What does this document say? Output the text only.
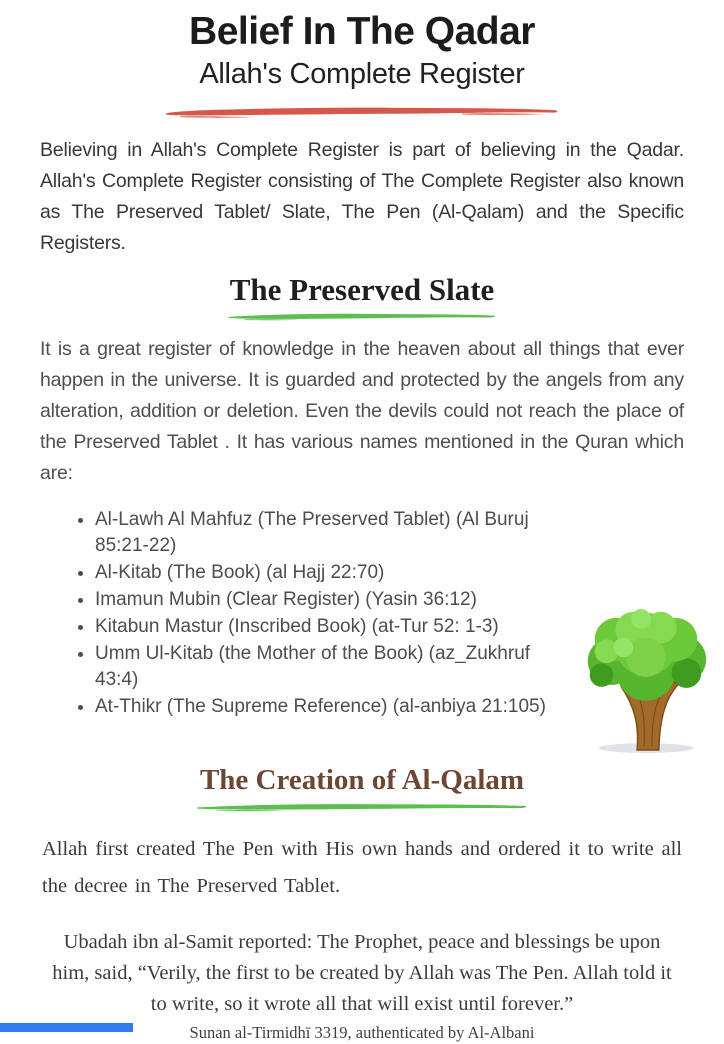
Belief In The Qadar
Allah's Complete Register

Believing in Allah's Complete Register is part of believing in the Qadar. Allah's Complete Register consisting of The Complete Register also known as The Preserved Tablet/ Slate, The Pen (Al-Qalam) and the Specific Registers.

The Preserved Slate

It is a great register of knowledge in the heaven about all things that ever happen in the universe. It is guarded and protected by the angels from any alteration, addition or deletion. Even the devils could not reach the place of the Preserved Tablet . It has various names mentioned in the Quran which are:

• Al-Lawh Al Mahfuz (The Preserved Tablet) (Al Buruj 85:21-22)
• Al-Kitab (The Book) (al Hajj 22:70)
• Imamun Mubin (Clear Register) (Yasin 36:12)
• Kitabun Mastur (Inscribed Book) (at-Tur 52: 1-3)
• Umm Ul-Kitab (the Mother of the Book) (az_Zukhruf 43:4)
• At-Thikr (The Supreme Reference) (al-anbiya 21:105)
The Creation of Al-Qalam

Allah first created The Pen with His own hands and ordered it to write all the decree in The Preserved Tablet.

Ubadah ibn al-Samit reported: The Prophet, peace and blessings be upon him, said, “Verily, the first to be created by Allah was The Pen. Allah told it to write, so it wrote all that will exist until forever.”

Sunan al-Tirmidhī 3319, authenticated by Al-Albani
